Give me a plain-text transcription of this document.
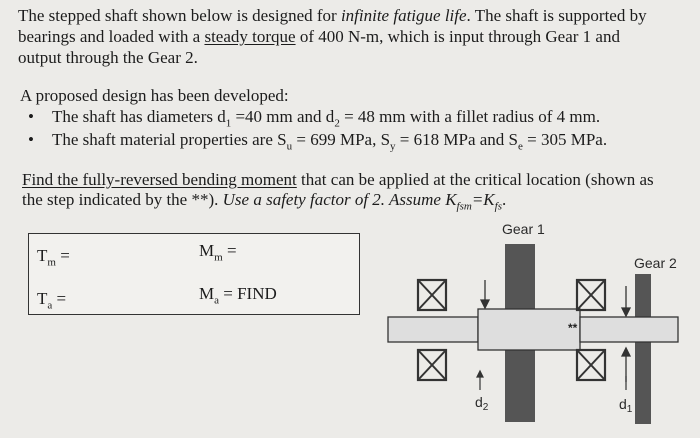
The stepped shaft shown below is designed for infinite fatigue life. The shaft is supported by
bearings and loaded with a steady torque of 400 N-m, which is input through Gear 1 and
output through the Gear 2.
A proposed design has been developed:
• The shaft has diameters $d_1 =40$ mm and $d_2 = 48$ mm with a fillet radius of 4 mm.
• The shaft material properties are $S_u = 699$ MPa, $S_y = 618$ MPa and $S_e = 305$ MPa.
Find the fully-reversed bending moment that can be applied at the critical location (shown as
the step indicated by the **). Use a safety factor of 2. Assume $K_{fsm}=K_{fs}$.
$T_m$ =	$M_m$ =
$T_a$ =	$M_a$ = FIND
Gear 1
Gear 2
**
$d_2$	$d_1$
